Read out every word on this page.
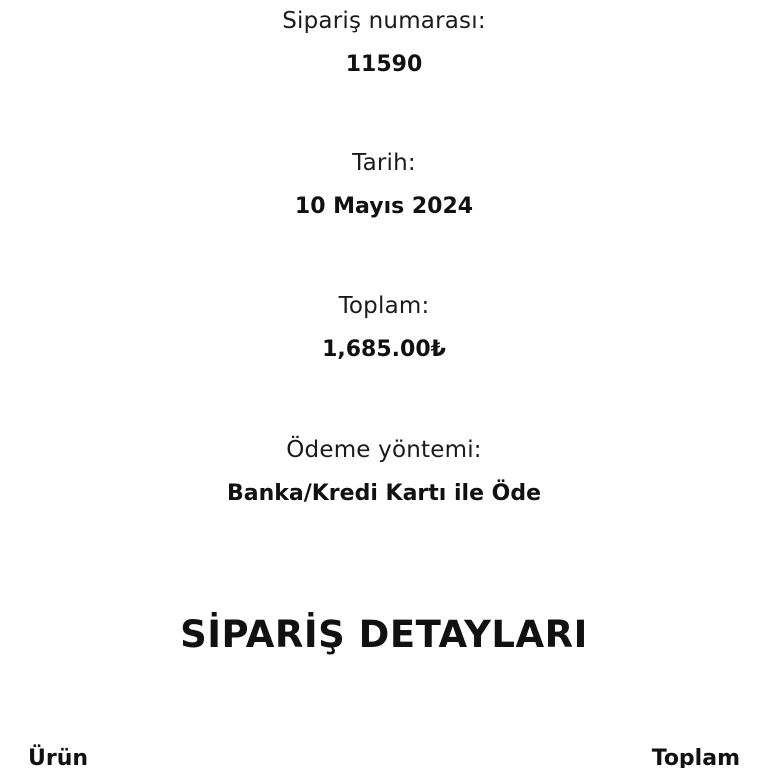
Sipariş numarası:
11590
Tarih:
10 Mayıs 2024
Toplam:
1,685.00₺
Ödeme yöntemi:
Banka/Kredi Kartı ile Öde
SİPARİŞ DETAYLARI
Ürün	Toplam
